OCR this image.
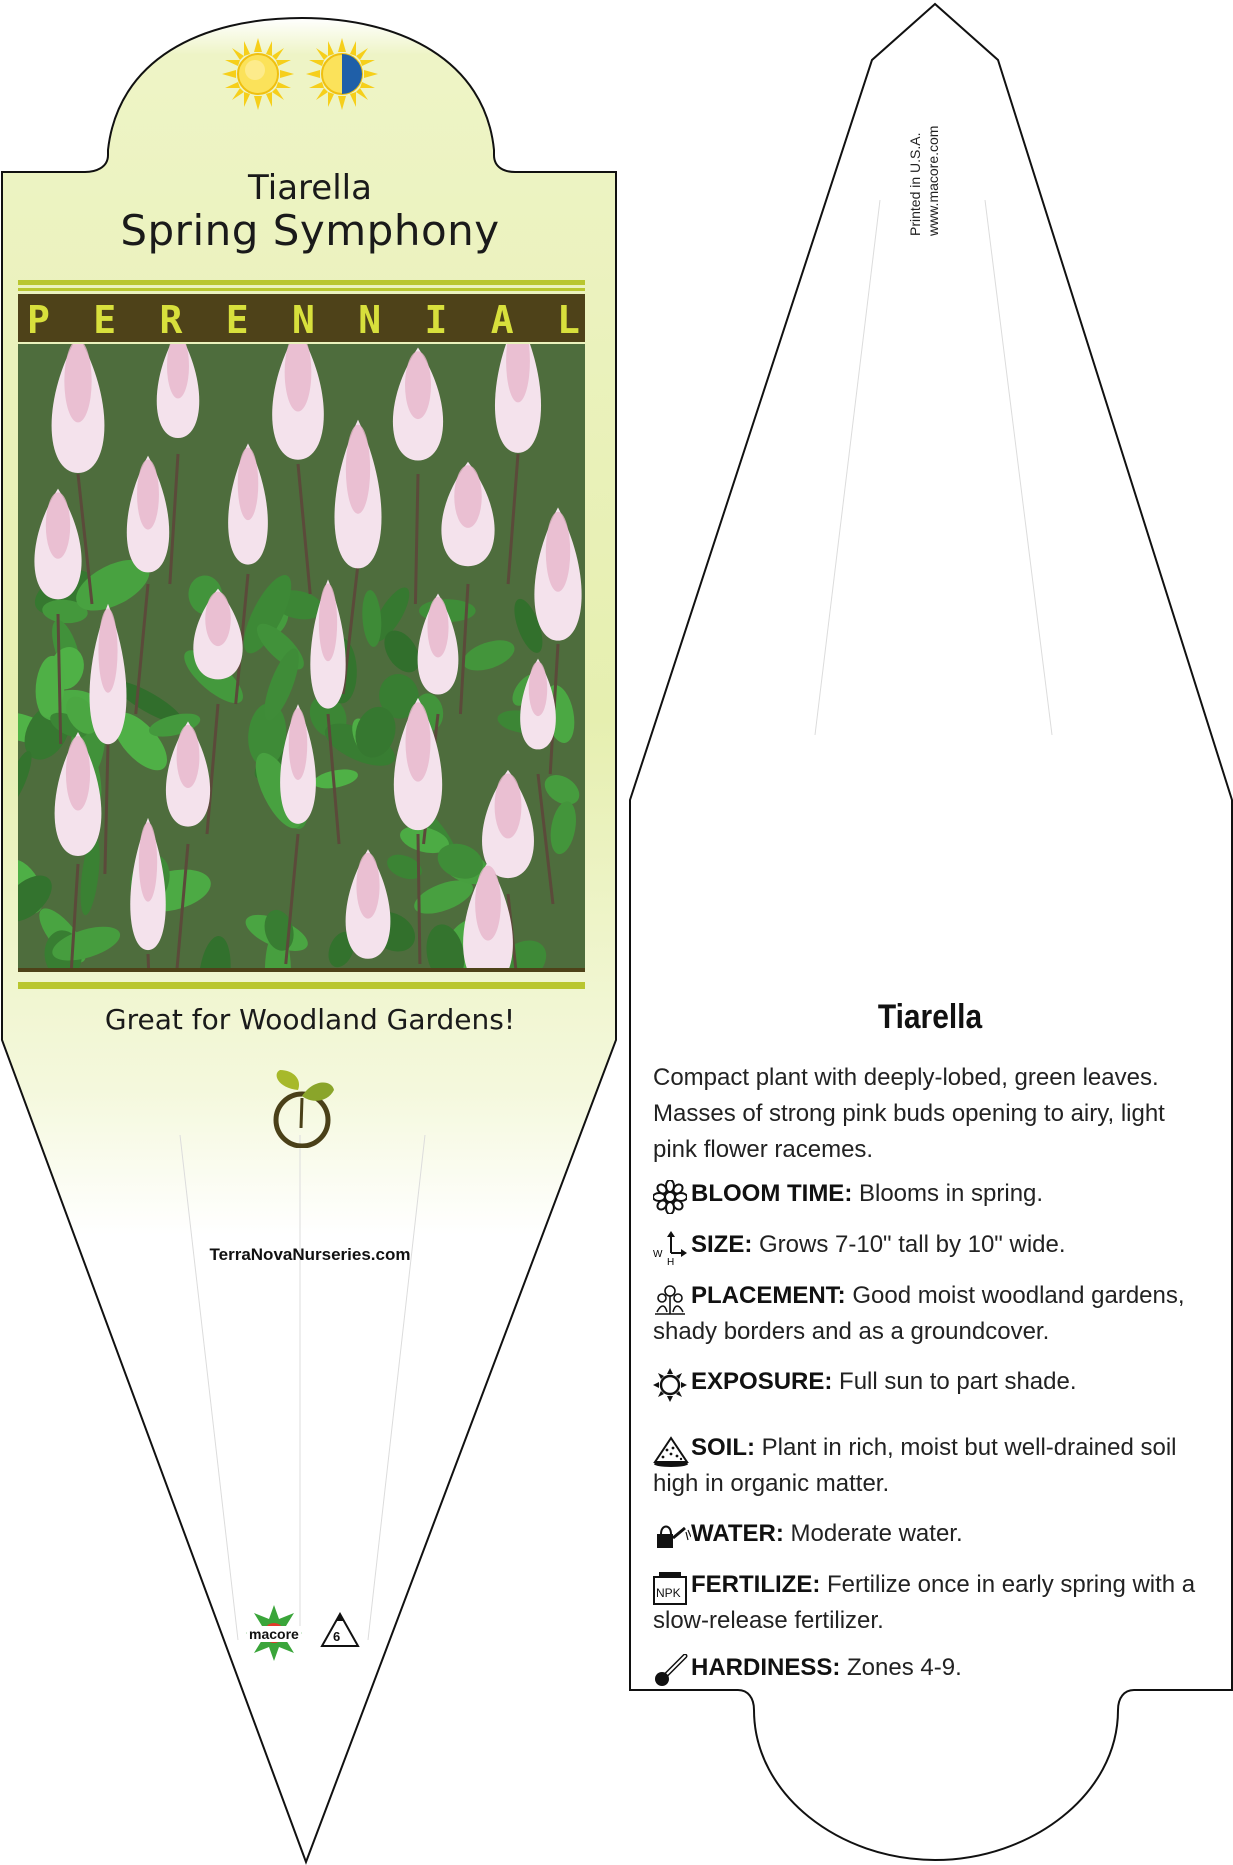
Tiarella
Spring Symphony
P E R E N N I A L
Great for Woodland Gardens!
TerraNovaNurseries.com
macore	6
Printed in U.S.A. www.macore.com
Tiarella
Compact plant with deeply-lobed, green leaves. Masses of strong pink buds opening to airy, light pink flower racemes.
BLOOM TIME: Blooms in spring.
W
H
SIZE: Grows 7-10" tall by 10" wide.
PLACEMENT: Good moist woodland gardens, shady borders and as a groundcover.
EXPOSURE: Full sun to part shade.
SOIL: Plant in rich, moist but well-drained soil high in organic matter.
WATER: Moderate water.
NPK FERTILIZE: Fertilize once in early spring with a slow-release fertilizer.
HARDINESS: Zones 4-9.
